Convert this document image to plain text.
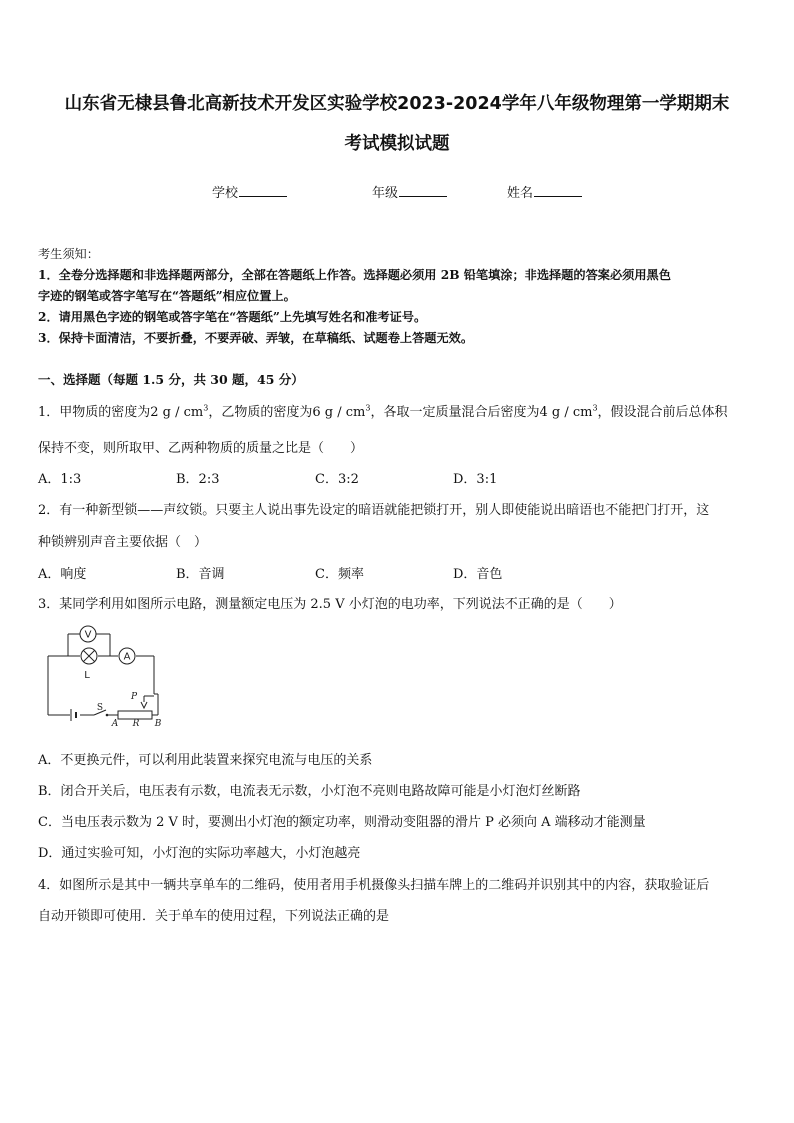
山东省无棣县鲁北高新技术开发区实验学校2023-2024学年八年级物理第一学期期末
考试模拟试题
学校	年级	姓名
考生须知：
1．全卷分选择题和非选择题两部分，全部在答题纸上作答。选择题必须用 2B 铅笔填涂；非选择题的答案必须用黑色
字迹的钢笔或答字笔写在“答题纸”相应位置上。
2．请用黑色字迹的钢笔或答字笔在“答题纸”上先填写姓名和准考证号。
3．保持卡面清洁，不要折叠，不要弄破、弄皱，在草稿纸、试题卷上答题无效。
一、选择题（每题 1.5 分，共 30 题，45 分）
1．甲物质的密度为2 g / $cm^3$，乙物质的密度为6 g / $cm^3$，各取一定质量混合后密度为4 g / $cm^3$，假设混合前后总体积
保持不变，则所取甲、乙两种物质的质量之比是（　　）
A．1:3	B．2:3	C．3:2	D．3:1
2．有一种新型锁——声纹锁。只要主人说出事先设定的暗语就能把锁打开，别人即使能说出暗语也不能把门打开，这
种锁辨别声音主要依据（　）
A．响度	B．音调	C．频率	D．音色
3．某同学利用如图所示电路，测量额定电压为 2.5 V 小灯泡的电功率，下列说法不正确的是（　　）
V
L
A
S
P
A R B
A．不更换元件，可以利用此装置来探究电流与电压的关系
B．闭合开关后，电压表有示数，电流表无示数，小灯泡不亮则电路故障可能是小灯泡灯丝断路
C．当电压表示数为 2 V 时，要测出小灯泡的额定功率，则滑动变阻器的滑片 P 必须向 A 端移动才能测量
D．通过实验可知，小灯泡的实际功率越大，小灯泡越亮
4．如图所示是其中一辆共享单车的二维码，使用者用手机摄像头扫描车牌上的二维码并识别其中的内容，获取验证后
自动开锁即可使用．关于单车的使用过程，下列说法正确的是
